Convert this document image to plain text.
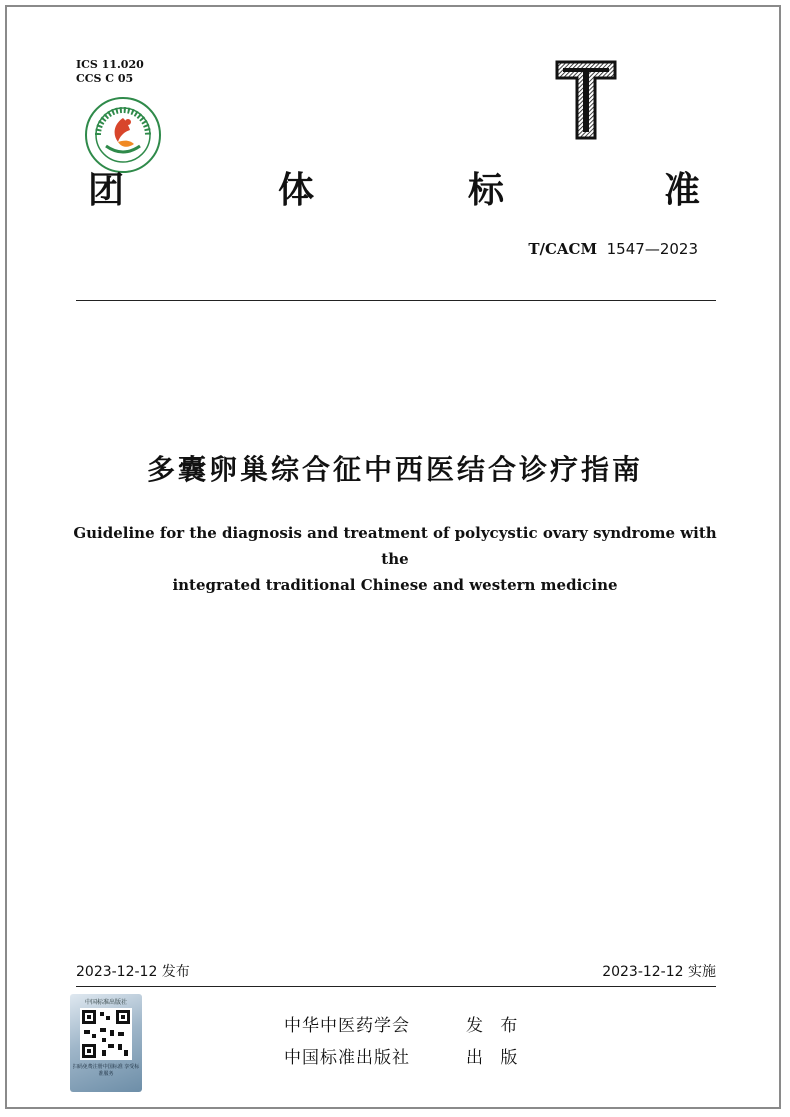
ICS 11.020
CCS C 05
团	体	标	准
T/CACM 1547—2023
多囊卵巢综合征中西医结合诊疗指南
Guideline for the diagnosis and treatment of polycystic ovary syndrome with the
integrated traditional Chinese and western medicine
2023-12-12 发布	2023-12-12 实施
中国标准出版社
扫码免费注册中国标准 享受标准服务
中华中医药学会	发 布
中国标准出版社	出 版
